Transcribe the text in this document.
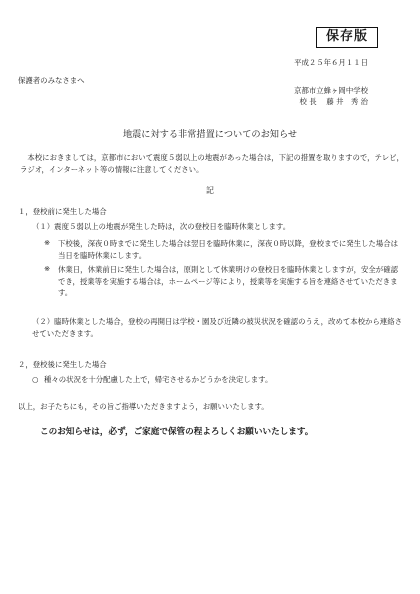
保存版
平成２５年６月１１日
保護者のみなさまへ
京都市立蜂ヶ岡中学校
校 長　 藤 井　秀 治
地震に対する非常措置についてのお知らせ
本校におきましては，京都市において震度５弱以上の地震があった場合は，下記の措置を取りますので，テレビ，ラジオ，インターネット等の情報に注意してください。
記
１，登校前に発生した場合
（１）震度５弱以上の地震が発生した時は，次の登校日を臨時休業とします。
※ 下校後，深夜０時までに発生した場合は翌日を臨時休業に，深夜０時以降，登校までに発生した場合は当日を臨時休業にします。
※ 休業日，休業前日に発生した場合は，原則として休業明けの登校日を臨時休業としますが，安全が確認でき，授業等を実施する場合は，ホームページ等により，授業等を実施する旨を連絡させていただきます。
（２）臨時休業とした場合，登校の再開日は学校・園及び近隣の被災状況を確認のうえ，改めて本校から連絡させていただきます。
２，登校後に発生した場合
○ 種々の状況を十分配慮した上で，帰宅させるかどうかを決定します。
以上，お子たちにも，その旨ご指導いただきますよう，お願いいたします。
このお知らせは，必ず，ご家庭で保管の程よろしくお願いいたします。
